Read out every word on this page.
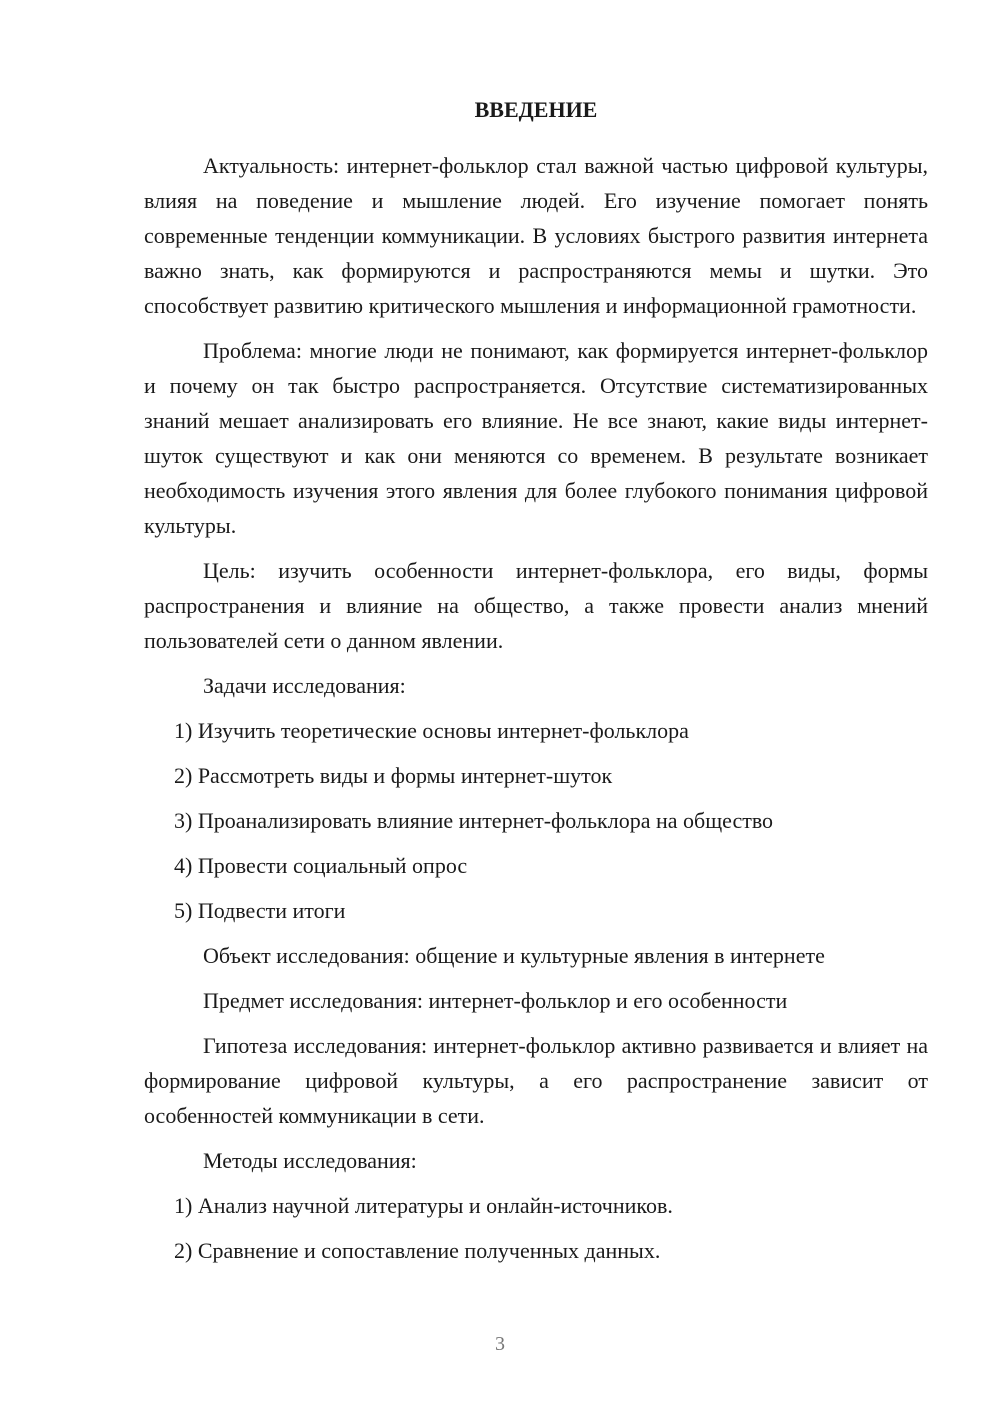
ВВЕДЕНИЕ

Актуальность: интернет-фольклор стал важной частью цифровой культуры, влияя на поведение и мышление людей. Его изучение помогает понять современные тенденции коммуникации. В условиях быстрого развития интернета важно знать, как формируются и распространяются мемы и шутки. Это способствует развитию критического мышления и информационной грамотности.

Проблема: многие люди не понимают, как формируется интернет-фольклор и почему он так быстро распространяется. Отсутствие систематизированных знаний мешает анализировать его влияние. Не все знают, какие виды интернет-шуток существуют и как они меняются со временем. В результате возникает необходимость изучения этого явления для более глубокого понимания цифровой культуры.

Цель: изучить особенности интернет-фольклора, его виды, формы распространения и влияние на общество, а также провести анализ мнений пользователей сети о данном явлении.

Задачи исследования:

1) Изучить теоретические основы интернет-фольклора

2) Рассмотреть виды и формы интернет-шуток

3) Проанализировать влияние интернет-фольклора на общество

4) Провести социальный опрос

5) Подвести итоги

Объект исследования: общение и культурные явления в интернете

Предмет исследования: интернет-фольклор и его особенности

Гипотеза исследования: интернет-фольклор активно развивается и влияет на формирование цифровой культуры, а его распространение зависит от особенностей коммуникации в сети.

Методы исследования:

1) Анализ научной литературы и онлайн-источников.

2) Сравнение и сопоставление полученных данных.

3
